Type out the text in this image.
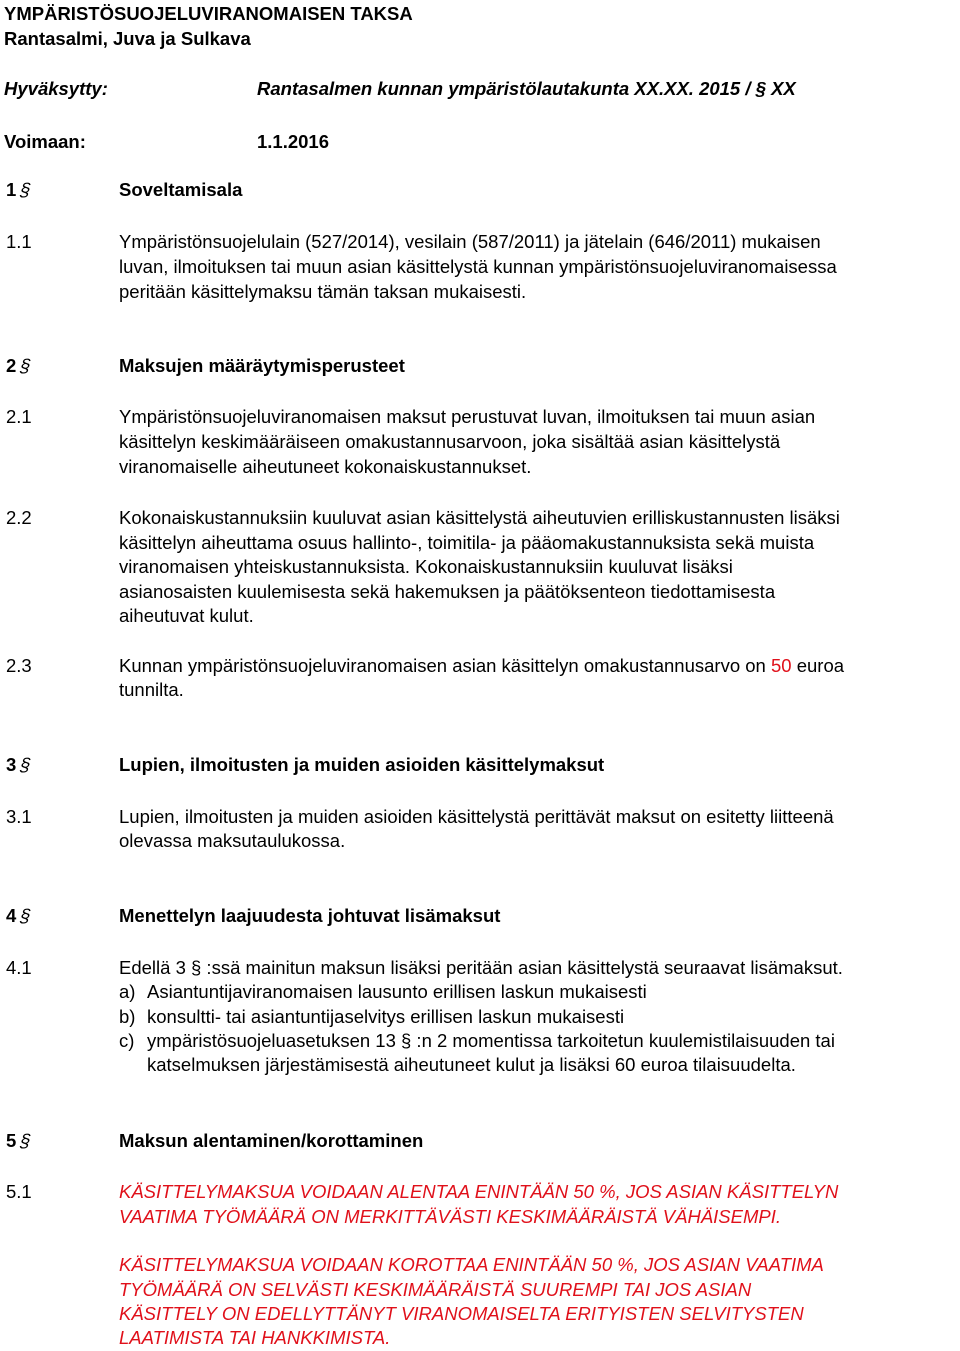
YMPÄRISTÖSUOJELUVIRANOMAISEN TAKSA
Rantasalmi, Juva ja Sulkava
Hyväksytty:	Rantasalmen kunnan ympäristölautakunta XX.XX. 2015 / § XX
Voimaan:	1.1.2016
1§	Soveltamisala
1.1	Ympäristönsuojelulain (527/2014), vesilain (587/2011) ja jätelain (646/2011) mukaisen
luvan, ilmoituksen tai muun asian käsittelystä kunnan ympäristönsuojeluviranomaisessa
peritään käsittelymaksu tämän taksan mukaisesti.
2§	Maksujen määräytymisperusteet
2.1	Ympäristönsuojeluviranomaisen maksut perustuvat luvan, ilmoituksen tai muun asian
käsittelyn keskimääräiseen omakustannusarvoon, joka sisältää asian käsittelystä
viranomaiselle aiheutuneet kokonaiskustannukset.
2.2	Kokonaiskustannuksiin kuuluvat asian käsittelystä aiheutuvien erilliskustannusten lisäksi
käsittelyn aiheuttama osuus hallinto-, toimitila- ja pääomakustannuksista sekä muista
viranomaisen yhteiskustannuksista. Kokonaiskustannuksiin kuuluvat lisäksi
asianosaisten kuulemisesta sekä hakemuksen ja päätöksenteon tiedottamisesta
aiheutuvat kulut.
2.3	Kunnan ympäristönsuojeluviranomaisen asian käsittelyn omakustannusarvo on 50 euroa
tunnilta.
3§	Lupien, ilmoitusten ja muiden asioiden käsittelymaksut
3.1	Lupien, ilmoitusten ja muiden asioiden käsittelystä perittävät maksut on esitetty liitteenä
olevassa maksutaulukossa.
4§	Menettelyn laajuudesta johtuvat lisämaksut
4.1	Edellä 3 § :ssä mainitun maksun lisäksi peritään asian käsittelystä seuraavat lisämaksut.
a) Asiantuntijaviranomaisen lausunto erillisen laskun mukaisesti
b) konsultti- tai asiantuntijaselvitys erillisen laskun mukaisesti
c) ympäristösuojeluasetuksen 13 § :n 2 momentissa tarkoitetun kuulemistilaisuuden tai
katselmuksen järjestämisestä aiheutuneet kulut ja lisäksi 60 euroa tilaisuudelta.
5§	Maksun alentaminen/korottaminen
5.1	KÄSITTELYMAKSUA VOIDAAN ALENTAA ENINTÄÄN 50 %, JOS ASIAN KÄSITTELYN
VAATIMA TYÖMÄÄRÄ ON MERKITTÄVÄSTI KESKIMÄÄRÄISTÄ VÄHÄISEMPI.
KÄSITTELYMAKSUA VOIDAAN KOROTTAA ENINTÄÄN 50 %, JOS ASIAN VAATIMA
TYÖMÄÄRÄ ON SELVÄSTI KESKIMÄÄRÄISTÄ SUUREMPI TAI JOS ASIAN
KÄSITTELY ON EDELLYTTÄNYT VIRANOMAISELTA ERITYISTEN SELVITYSTEN
LAATIMISTA TAI HANKKIMISTA.
